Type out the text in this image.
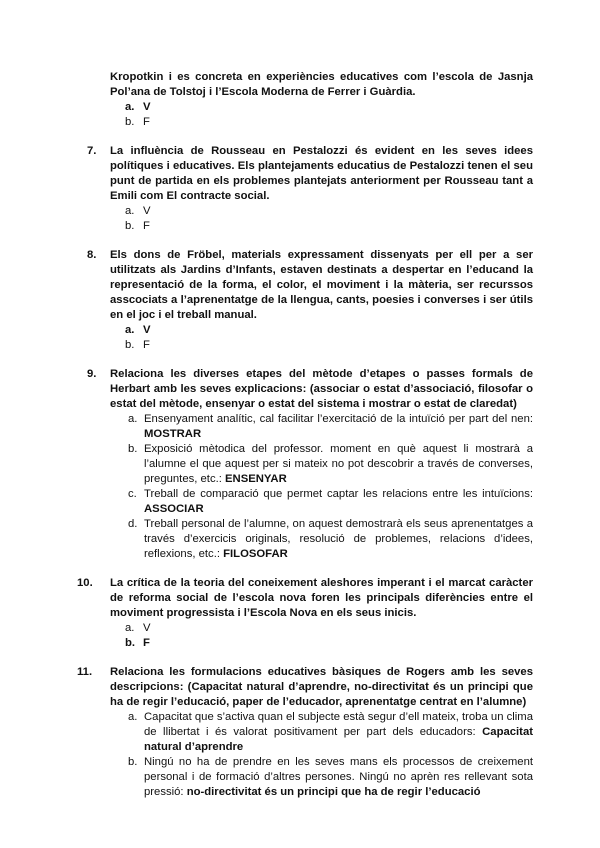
Kropotkin i es concreta en experiències educatives com l’escola de Jasnja Pol’ana de Tolstoj i l’Escola Moderna de Ferrer i Guàrdia.

a. V
b. F
7. La influència de Rousseau en Pestalozzi és evident en les seves idees polítiques i educatives. Els plantejaments educatius de Pestalozzi tenen el seu punt de partida en els problemes plantejats anteriorment per Rousseau tant a Emili com El contracte social.

a. V
b. F
8. Els dons de Fröbel, materials expressament dissenyats per ell per a ser utilitzats als Jardins d’Infants, estaven destinats a despertar en l’educand la representació de la forma, el color, el moviment i la màteria, ser recurssos asscociats a l’aprenentatge de la llengua, cants, poesies i converses i ser útils en el joc i el treball manual.

a. V
b. F
9. Relaciona les diverses etapes del mètode d’etapes o passes formals de Herbart amb les seves explicacions: (associar o estat d’associació, filosofar o estat del mètode, ensenyar o estat del sistema i mostrar o estat de claredat)

a. Ensenyament analític, cal facilitar l’exercitació de la intuïció per part del nen: MOSTRAR
b. Exposició mètodica del professor. moment en què aquest li mostrarà a l’alumne el que aquest per si mateix no pot descobrir a través de converses, preguntes, etc.: ENSENYAR
c. Treball de comparació que permet captar les relacions entre les intuïcions: ASSOCIAR
d. Treball personal de l’alumne, on aquest demostrarà els seus aprenentatges a través d’exercicis originals, resolució de problemes, relacions d’idees, reflexions, etc.: FILOSOFAR
10. La crítica de la teoria del coneixement aleshores imperant i el marcat caràcter de reforma social de l’escola nova foren les principals diferències entre el moviment progressista i l’Escola Nova en els seus inicis.

a. V
b. F
11. Relaciona les formulacions educatives bàsiques de Rogers amb les seves descripcions: (Capacitat natural d’aprendre, no-directivitat és un principi que ha de regir l’educació, paper de l’educador, aprenentatge centrat en l’alumne)

a. Capacitat que s’activa quan el subjecte està segur d’ell mateix, troba un clima de llibertat i és valorat positivament per part dels educadors: Capacitat natural d’aprendre
b. Ningú no ha de prendre en les seves mans els processos de creixement personal i de formació d’altres persones. Ningú no aprèn res rellevant sota pressió: no-directivitat és un principi que ha de regir l’educació
